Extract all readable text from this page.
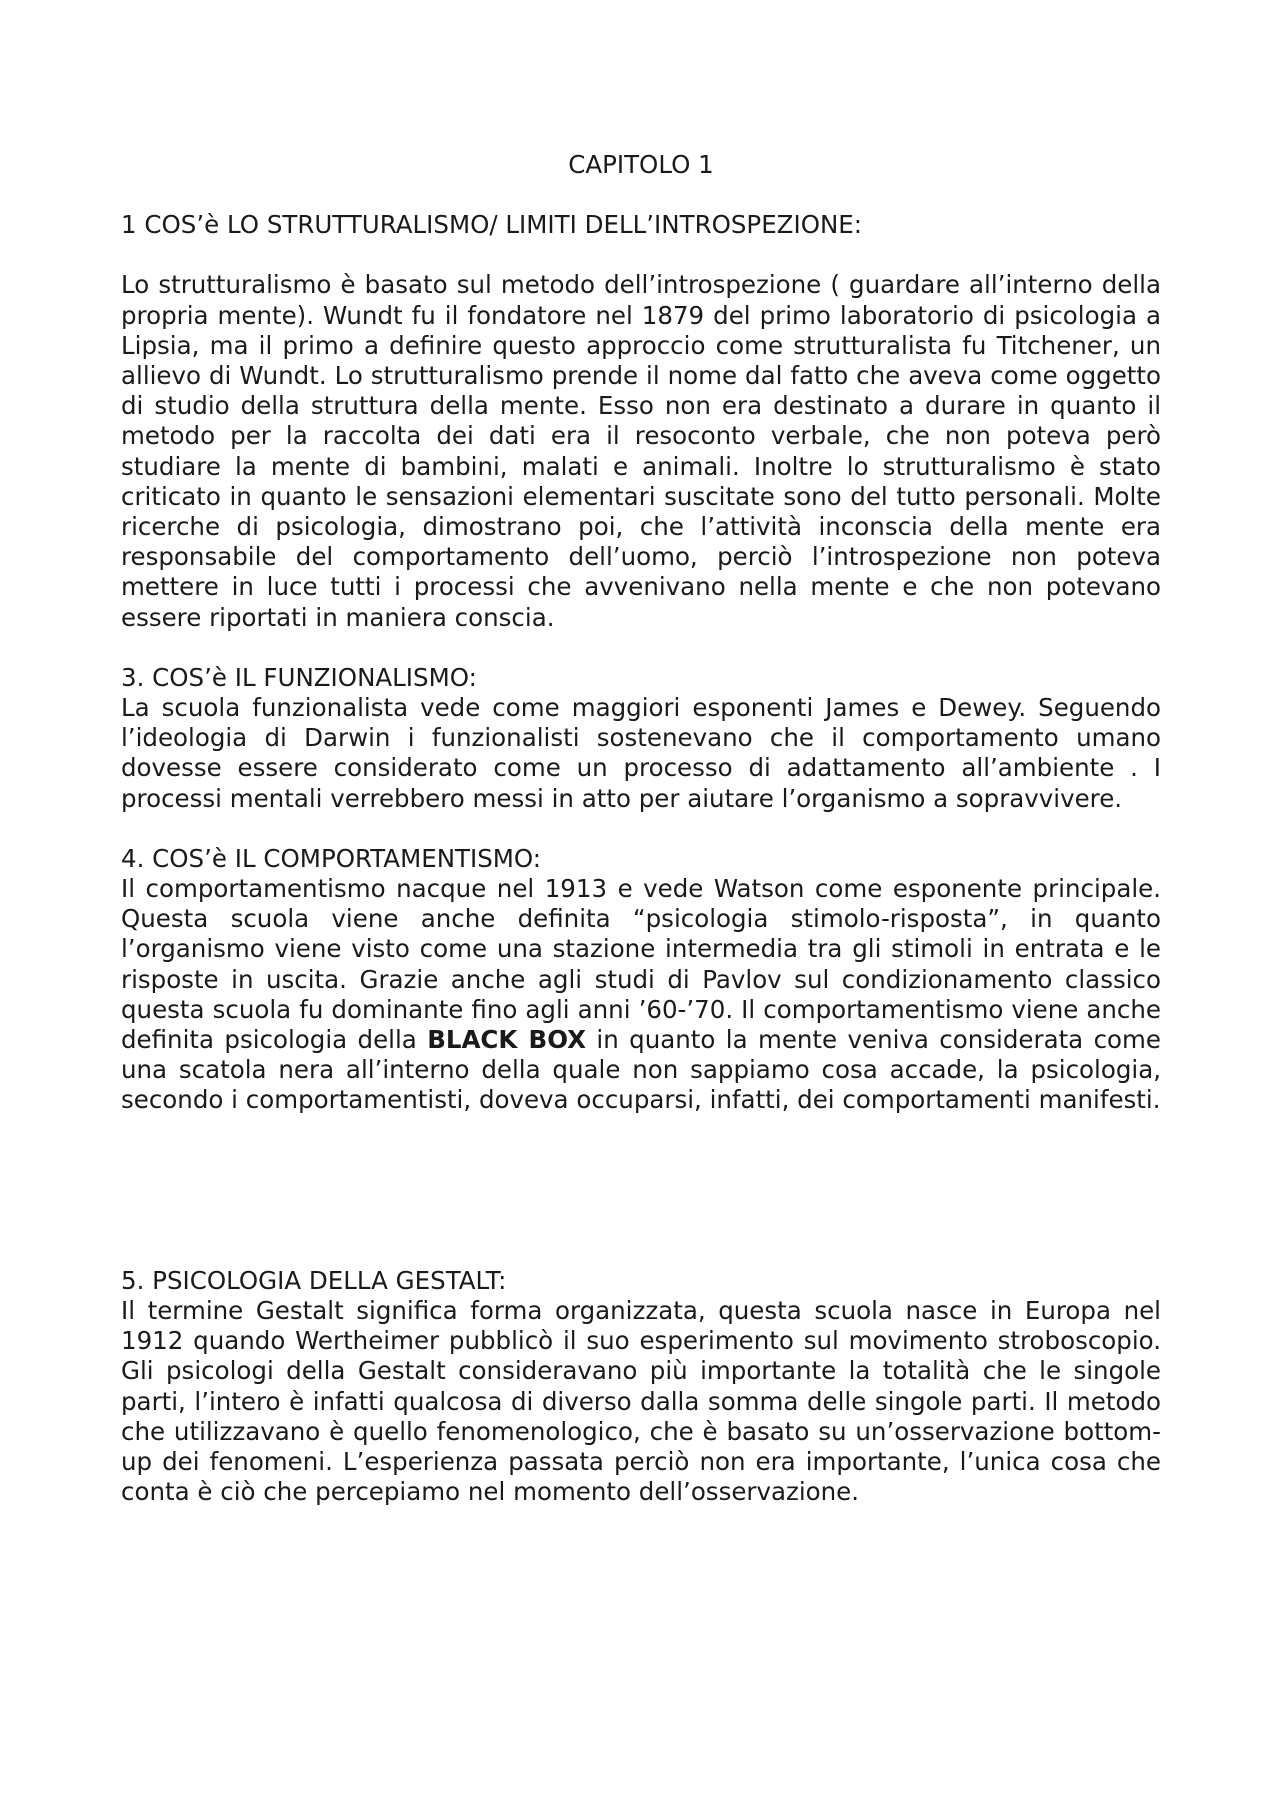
CAPITOLO 1

1 COS’è LO STRUTTURALISMO/ LIMITI DELL’INTROSPEZIONE:

Lo strutturalismo è basato sul metodo dell’introspezione ( guardare all’interno della propria mente). Wundt fu il fondatore nel 1879 del primo laboratorio di psicologia a Lipsia, ma il primo a definire questo approccio come strutturalista fu Titchener, un allievo di Wundt. Lo strutturalismo prende il nome dal fatto che aveva come oggetto di studio della struttura della mente. Esso non era destinato a durare in quanto il metodo per la raccolta dei dati era il resoconto verbale, che non poteva però studiare la mente di bambini, malati e animali. Inoltre lo strutturalismo è stato criticato in quanto le sensazioni elementari suscitate sono del tutto personali. Molte ricerche di psicologia, dimostrano poi, che l’attività inconscia della mente era responsabile del comportamento dell’uomo, perciò l’introspezione non poteva mettere in luce tutti i processi che avvenivano nella mente e che non potevano essere riportati in maniera conscia.

3. COS’è IL FUNZIONALISMO:

La scuola funzionalista vede come maggiori esponenti James e Dewey. Seguendo l’ideologia di Darwin i funzionalisti sostenevano che il comportamento umano dovesse essere considerato come un processo di adattamento all’ambiente . I processi mentali verrebbero messi in atto per aiutare l’organismo a sopravvivere.

4. COS’è IL COMPORTAMENTISMO:

Il comportamentismo nacque nel 1913 e vede Watson come esponente principale. Questa scuola viene anche definita “psicologia stimolo-risposta”, in quanto l’organismo viene visto come una stazione intermedia tra gli stimoli in entrata e le risposte in uscita. Grazie anche agli studi di Pavlov sul condizionamento classico questa scuola fu dominante fino agli anni ’60-’70. Il comportamentismo viene anche definita psicologia della BLACK BOX in quanto la mente veniva considerata come una scatola nera all’interno della quale non sappiamo cosa accade, la psicologia, secondo i comportamentisti, doveva occuparsi, infatti, dei comportamenti manifesti.

5. PSICOLOGIA DELLA GESTALT:

Il termine Gestalt significa forma organizzata, questa scuola nasce in Europa nel 1912 quando Wertheimer pubblicò il suo esperimento sul movimento stroboscopio. Gli psicologi della Gestalt consideravano più importante la totalità che le singole parti, l’intero è infatti qualcosa di diverso dalla somma delle singole parti. Il metodo che utilizzavano è quello fenomenologico, che è basato su un’osservazione bottom-up dei fenomeni. L’esperienza passata perciò non era importante, l’unica cosa che conta è ciò che percepiamo nel momento dell’osservazione.
